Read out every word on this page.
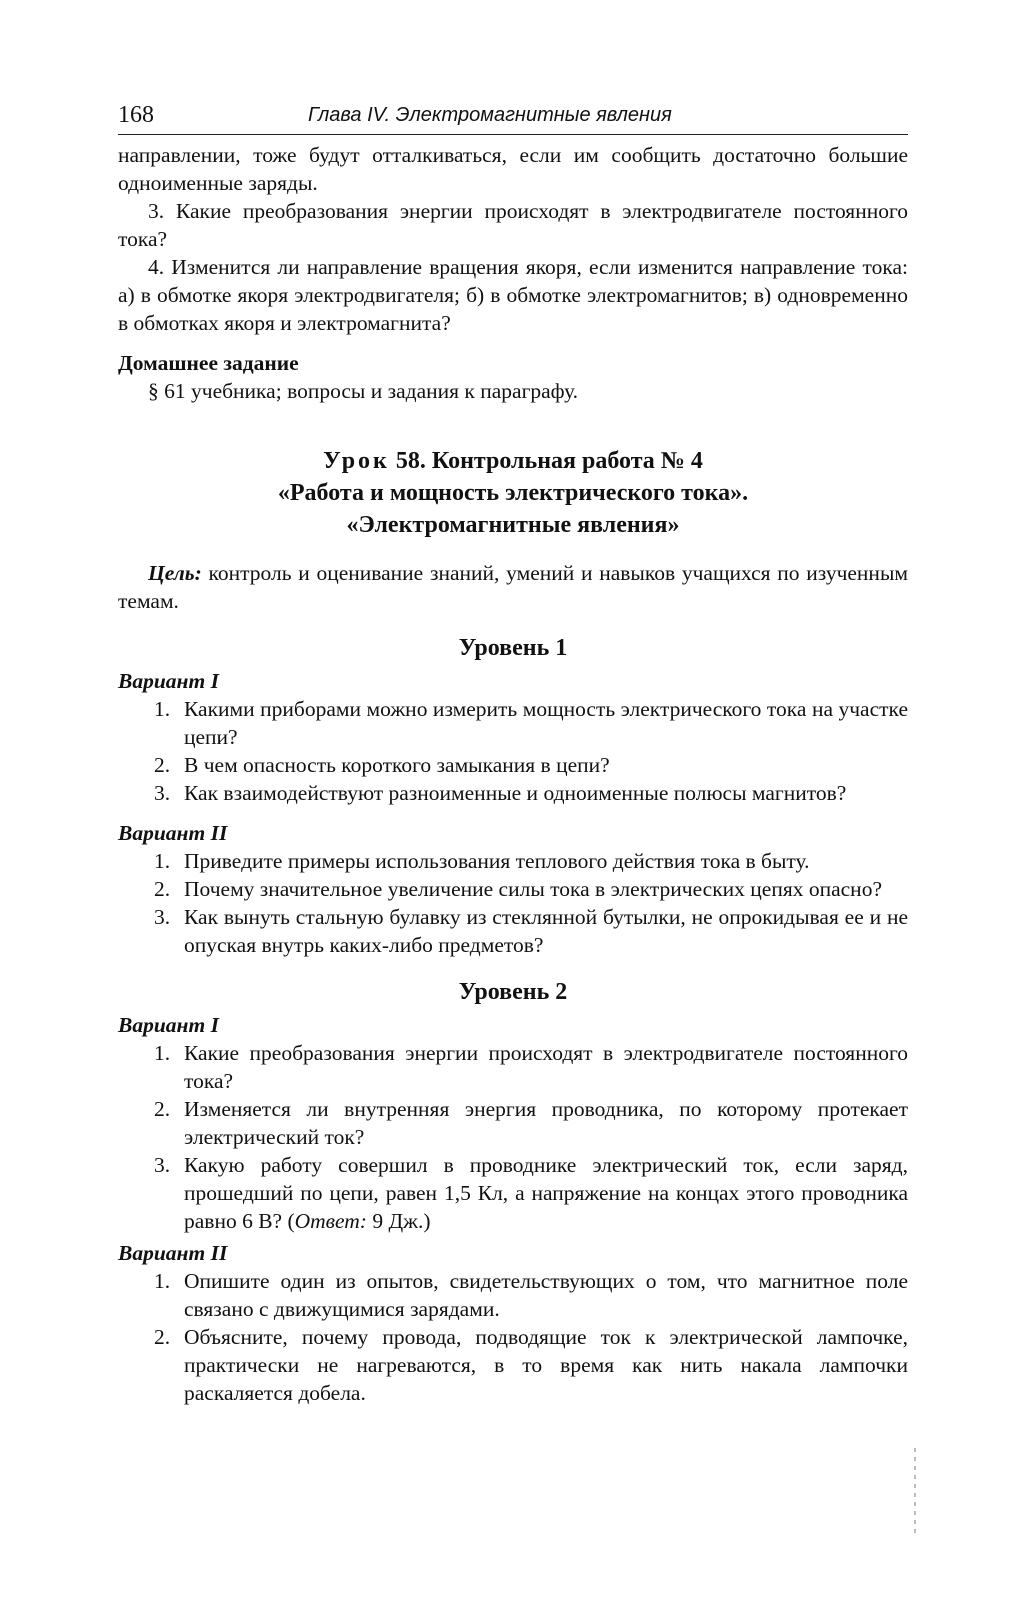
168	Глава IV. Электромагнитные явления

направлении, тоже будут отталкиваться, если им сообщить достаточно большие одноименные заряды.

3. Какие преобразования энергии происходят в электродвигателе постоянного тока?

4. Изменится ли направление вращения якоря, если изменится направление тока: а) в обмотке якоря электродвигателя; б) в обмотке электромагнитов; в) одновременно в обмотках якоря и электромагнита?

Домашнее задание

§ 61 учебника; вопросы и задания к параграфу.

Урок 58. Контрольная работа № 4
«Работа и мощность электрического тока».
«Электромагнитные явления»

Цель: контроль и оценивание знаний, умений и навыков учащихся по изученным темам.

Уровень 1
Вариант I
1. Какими приборами можно измерить мощность электрического тока на участке цепи?
2. В чем опасность короткого замыкания в цепи?
3. Как взаимодействуют разноименные и одноименные полюсы магнитов?
Вариант II
1. Приведите примеры использования теплового действия тока в быту.
2. Почему значительное увеличение силы тока в электрических цепях опасно?
3. Как вынуть стальную булавку из стеклянной бутылки, не опрокидывая ее и не опуская внутрь каких-либо предметов?
Уровень 2
Вариант I
1. Какие преобразования энергии происходят в электродвигателе постоянного тока?
2. Изменяется ли внутренняя энергия проводника, по которому протекает электрический ток?
3. Какую работу совершил в проводнике электрический ток, если заряд, прошедший по цепи, равен 1,5 Кл, а напряжение на концах этого проводника равно 6 В? (Ответ: 9 Дж.)
Вариант II
1. Опишите один из опытов, свидетельствующих о том, что магнитное поле связано с движущимися зарядами.
2. Объясните, почему провода, подводящие ток к электрической лампочке, практически не нагреваются, в то время как нить накала лампочки раскаляется добела.
